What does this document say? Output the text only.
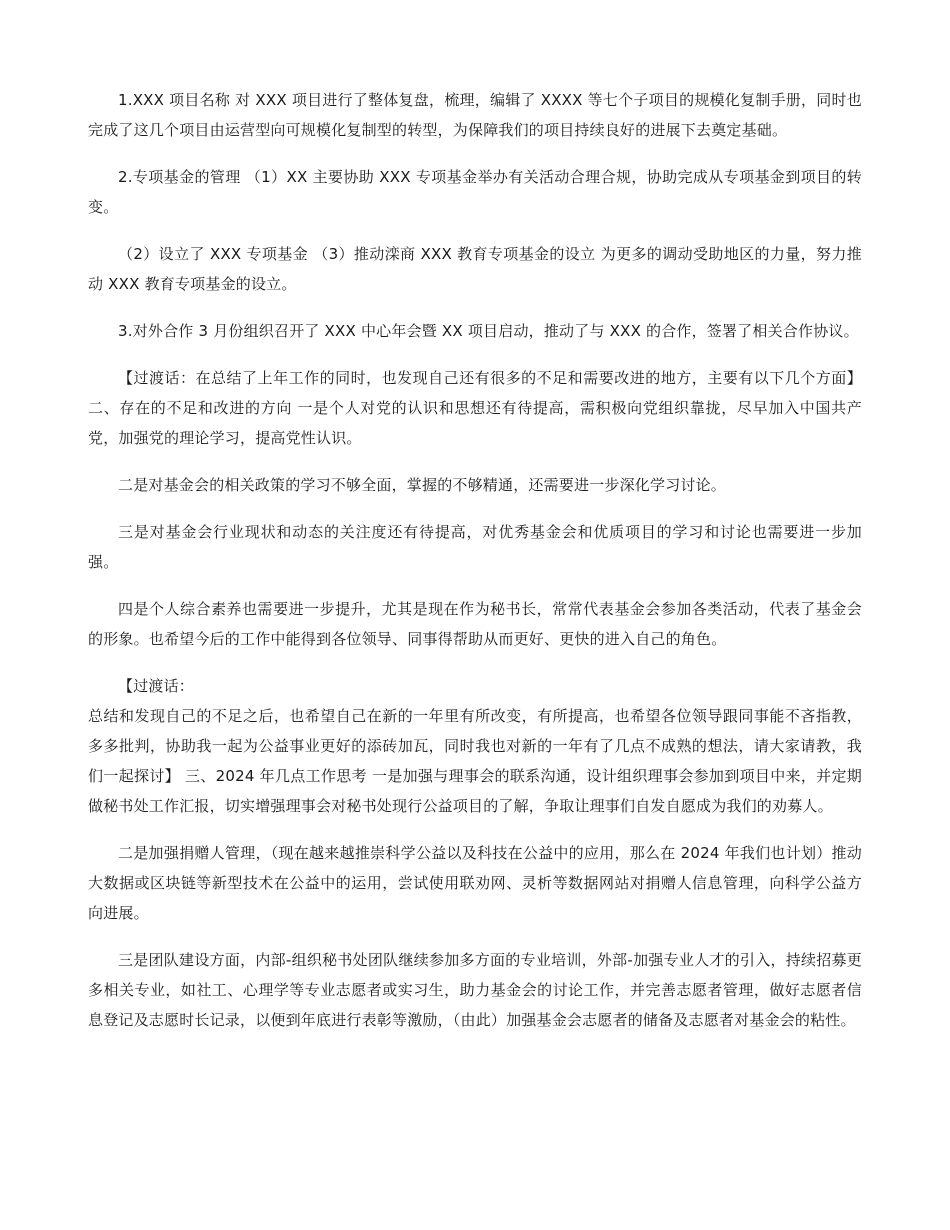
1.XXX 项目名称 对 XXX 项目进行了整体复盘，梳理，编辑了 XXXX 等七个子项目的规模化复制手册，同时也完成了这几个项目由运营型向可规模化复制型的转型，为保障我们的项目持续良好的进展下去奠定基础。

2.专项基金的管理 （1）XX 主要协助 XXX 专项基金举办有关活动合理合规，协助完成从专项基金到项目的转变。

（2）设立了 XXX 专项基金 （3）推动滦商 XXX 教育专项基金的设立 为更多的调动受助地区的力量，努力推动 XXX 教育专项基金的设立。

3.对外合作 3 月份组织召开了 XXX 中心年会暨 XX 项目启动，推动了与 XXX 的合作，签署了相关合作协议。

【过渡话：在总结了上年工作的同时，也发现自己还有很多的不足和需要改进的地方，主要有以下几个方面】 二、存在的不足和改进的方向 一是个人对党的认识和思想还有待提高，需积极向党组织靠拢，尽早加入中国共产党，加强党的理论学习，提高党性认识。

二是对基金会的相关政策的学习不够全面，掌握的不够精通，还需要进一步深化学习讨论。

三是对基金会行业现状和动态的关注度还有待提高，对优秀基金会和优质项目的学习和讨论也需要进一步加强。

四是个人综合素养也需要进一步提升，尤其是现在作为秘书长，常常代表基金会参加各类活动，代表了基金会的形象。也希望今后的工作中能得到各位领导、同事得帮助从而更好、更快的进入自己的角色。

【过渡话：
总结和发现自己的不足之后，也希望自己在新的一年里有所改变，有所提高，也希望各位领导跟同事能不吝指教，多多批判，协助我一起为公益事业更好的添砖加瓦，同时我也对新的一年有了几点不成熟的想法，请大家请教，我们一起探讨】 三、2024 年几点工作思考 一是加强与理事会的联系沟通，设计组织理事会参加到项目中来，并定期做秘书处工作汇报，切实增强理事会对秘书处现行公益项目的了解，争取让理事们自发自愿成为我们的劝募人。

二是加强捐赠人管理，（现在越来越推崇科学公益以及科技在公益中的应用，那么在 2024 年我们也计划）推动大数据或区块链等新型技术在公益中的运用，尝试使用联劝网、灵析等数据网站对捐赠人信息管理，向科学公益方向进展。

三是团队建设方面，内部-组织秘书处团队继续参加多方面的专业培训，外部-加强专业人才的引入，持续招募更多相关专业，如社工、心理学等专业志愿者或实习生，助力基金会的讨论工作，并完善志愿者管理，做好志愿者信息登记及志愿时长记录，以便到年底进行表彰等激励，（由此）加强基金会志愿者的储备及志愿者对基金会的粘性。
